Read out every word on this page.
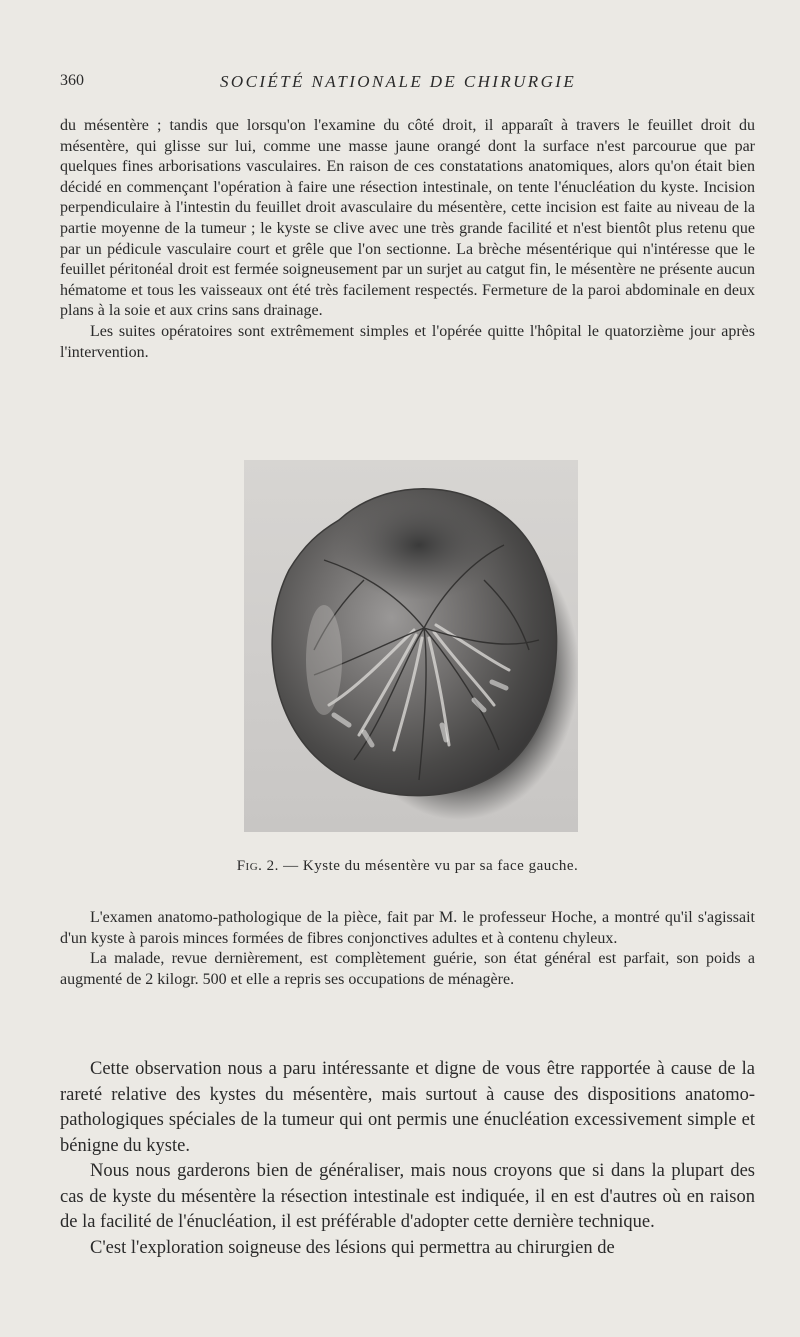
360	SOCIÉTÉ NATIONALE DE CHIRURGIE

du mésentère ; tandis que lorsqu'on l'examine du côté droit, il apparaît à travers le feuillet droit du mésentère, qui glisse sur lui, comme une masse jaune orangé dont la surface n'est parcourue que par quelques fines arborisations vasculaires. En raison de ces constatations anatomiques, alors qu'on était bien décidé en commençant l'opération à faire une résection intestinale, on tente l'énucléation du kyste. Incision perpendiculaire à l'intestin du feuillet droit avasculaire du mésentère, cette incision est faite au niveau de la partie moyenne de la tumeur ; le kyste se clive avec une très grande facilité et n'est bientôt plus retenu que par un pédicule vasculaire court et grêle que l'on sectionne. La brèche mésentérique qui n'intéresse que le feuillet péritonéal droit est fermée soigneusement par un surjet au catgut fin, le mésentère ne présente aucun hématome et tous les vaisseaux ont été très facilement respectés. Fermeture de la paroi abdominale en deux plans à la soie et aux crins sans drainage.

Les suites opératoires sont extrêmement simples et l'opérée quitte l'hôpital le quatorzième jour après l'intervention.

Fig. 2. — Kyste du mésentère vu par sa face gauche.

L'examen anatomo-pathologique de la pièce, fait par M. le professeur Hoche, a montré qu'il s'agissait d'un kyste à parois minces formées de fibres conjonctives adultes et à contenu chyleux.

La malade, revue dernièrement, est complètement guérie, son état général est parfait, son poids a augmenté de 2 kilogr. 500 et elle a repris ses occupations de ménagère.

Cette observation nous a paru intéressante et digne de vous être rapportée à cause de la rareté relative des kystes du mésentère, mais surtout à cause des dispositions anatomo-pathologiques spéciales de la tumeur qui ont permis une énucléation excessivement simple et bénigne du kyste.

Nous nous garderons bien de généraliser, mais nous croyons que si dans la plupart des cas de kyste du mésentère la résection intestinale est indiquée, il en est d'autres où en raison de la facilité de l'énucléation, il est préférable d'adopter cette dernière technique.

C'est l'exploration soigneuse des lésions qui permettra au chirurgien de
